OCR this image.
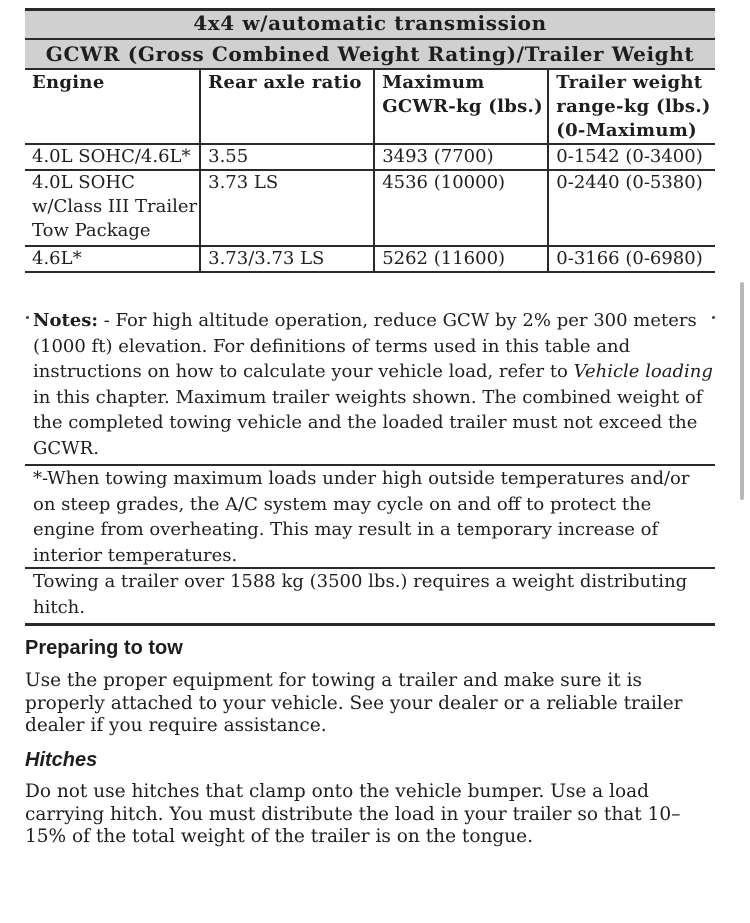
4x4 w/automatic transmission
GCWR (Gross Combined Weight Rating)/Trailer Weight
Engine	Rear axle ratio	Maximum GCWR-kg (lbs.)	Trailer weight range-kg (lbs.) (0-Maximum)
4.0L SOHC/4.6L*	3.55	3493 (7700)	0-1542 (0-3400)
4.0L SOHC w/Class III Trailer Tow Package	3.73 LS	4536 (10000)	0-2440 (0-5380)
4.6L*	3.73/3.73 LS	5262 (11600)	0-3166 (0-6980)

Notes: - For high altitude operation, reduce GCW by 2% per 300 meters (1000 ft) elevation. For definitions of terms used in this table and instructions on how to calculate your vehicle load, refer to Vehicle loading in this chapter. Maximum trailer weights shown. The combined weight of the completed towing vehicle and the loaded trailer must not exceed the GCWR.

*-When towing maximum loads under high outside temperatures and/or on steep grades, the A/C system may cycle on and off to protect the engine from overheating. This may result in a temporary increase of interior temperatures.

Towing a trailer over 1588 kg (3500 lbs.) requires a weight distributing hitch.

Preparing to tow

Use the proper equipment for towing a trailer and make sure it is properly attached to your vehicle. See your dealer or a reliable trailer dealer if you require assistance.

Hitches

Do not use hitches that clamp onto the vehicle bumper. Use a load carrying hitch. You must distribute the load in your trailer so that 10–15% of the total weight of the trailer is on the tongue.
